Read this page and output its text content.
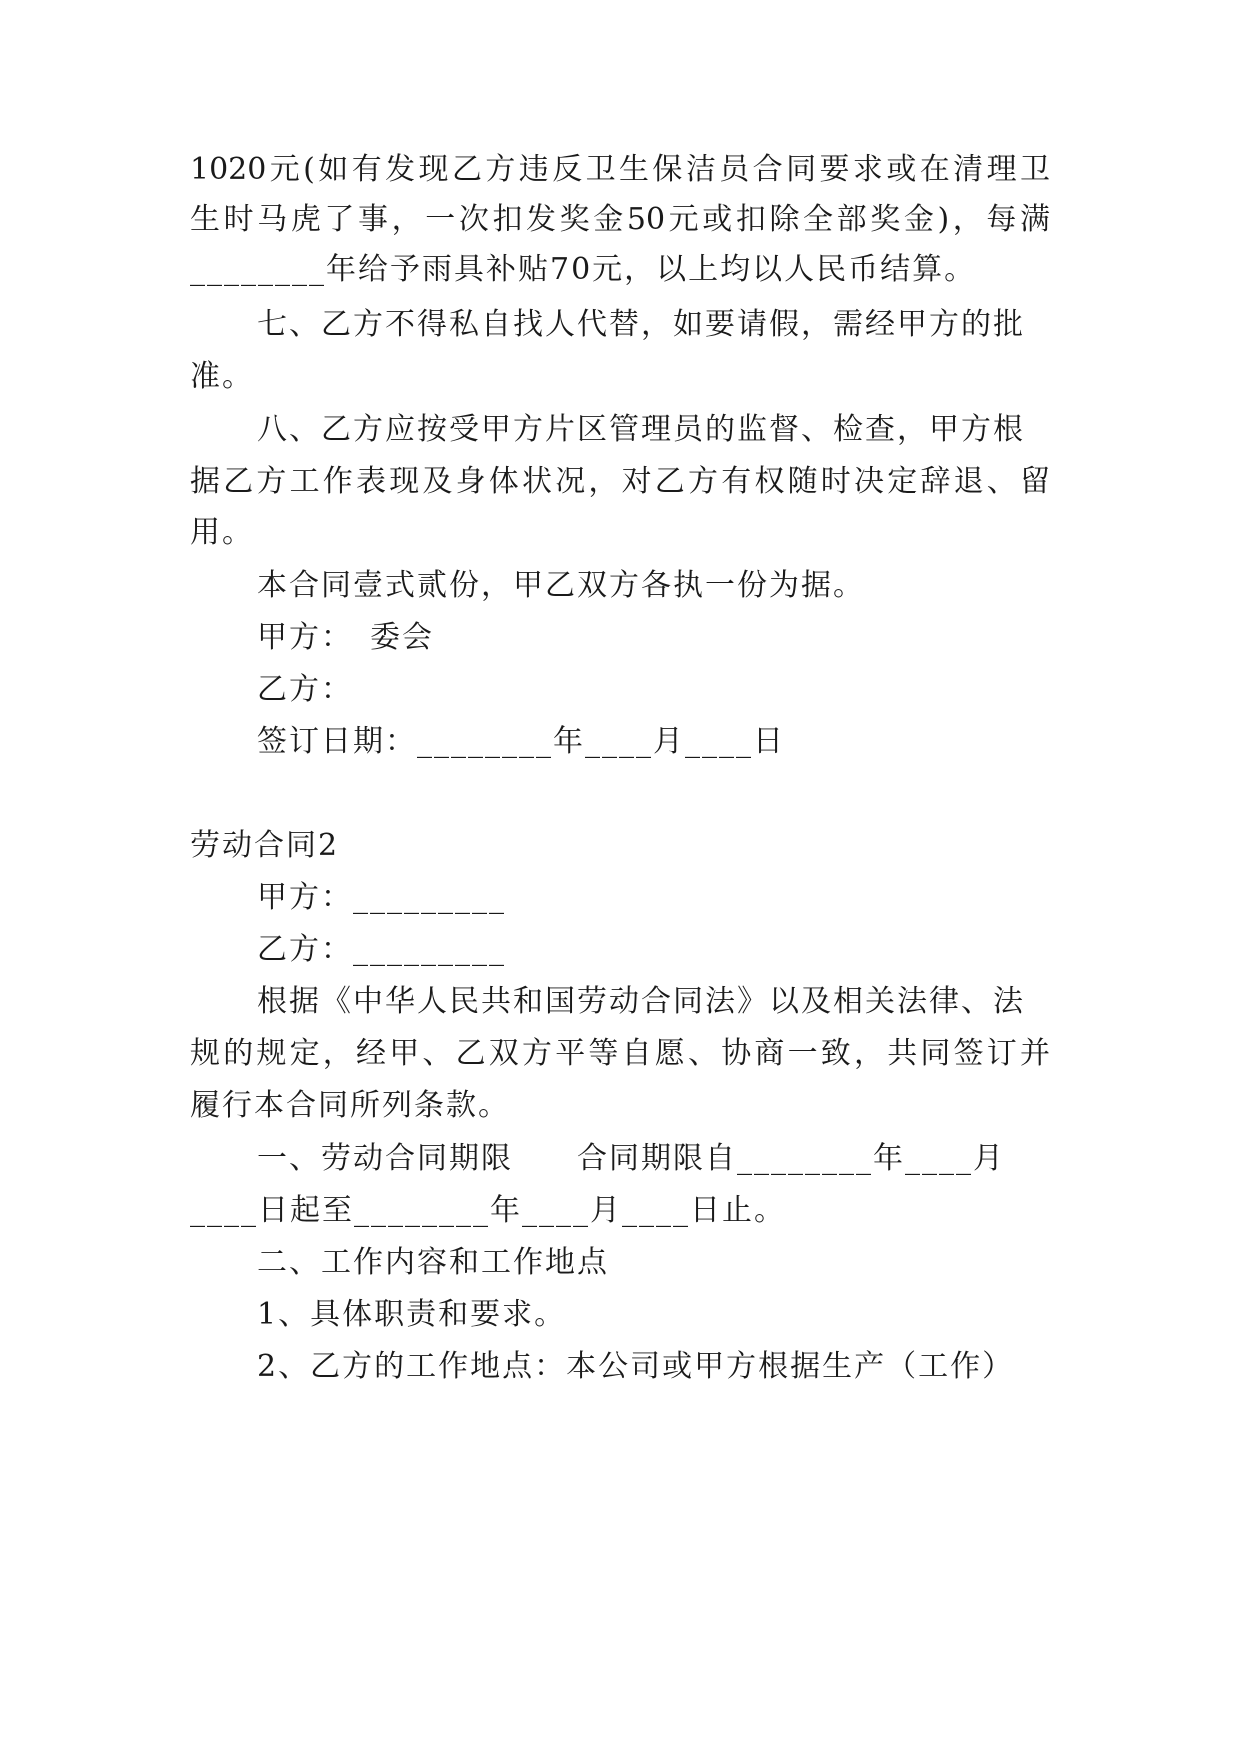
1020元(如有发现乙方违反卫生保洁员合同要求或在清理卫

生时马虎了事，一次扣发奖金50元或扣除全部奖金)，每满

________年给予雨具补贴70元，以上均以人民币结算。

七、乙方不得私自找人代替，如要请假，需经甲方的批

准。

八、乙方应按受甲方片区管理员的监督、检查，甲方根

据乙方工作表现及身体状况，对乙方有权随时决定辞退、留

用。

本合同壹式贰份，甲乙双方各执一份为据。

甲方：　委会

乙方：

签订日期：________年____月____日

劳动合同2

甲方：_________

乙方：_________

根据《中华人民共和国劳动合同法》以及相关法律、法

规的规定，经甲、乙双方平等自愿、协商一致，共同签订并

履行本合同所列条款。

一、劳动合同期限　　合同期限自________年____月

____日起至________年____月____日止。

二、工作内容和工作地点

1、具体职责和要求。

2、乙方的工作地点：本公司或甲方根据生产（工作）
